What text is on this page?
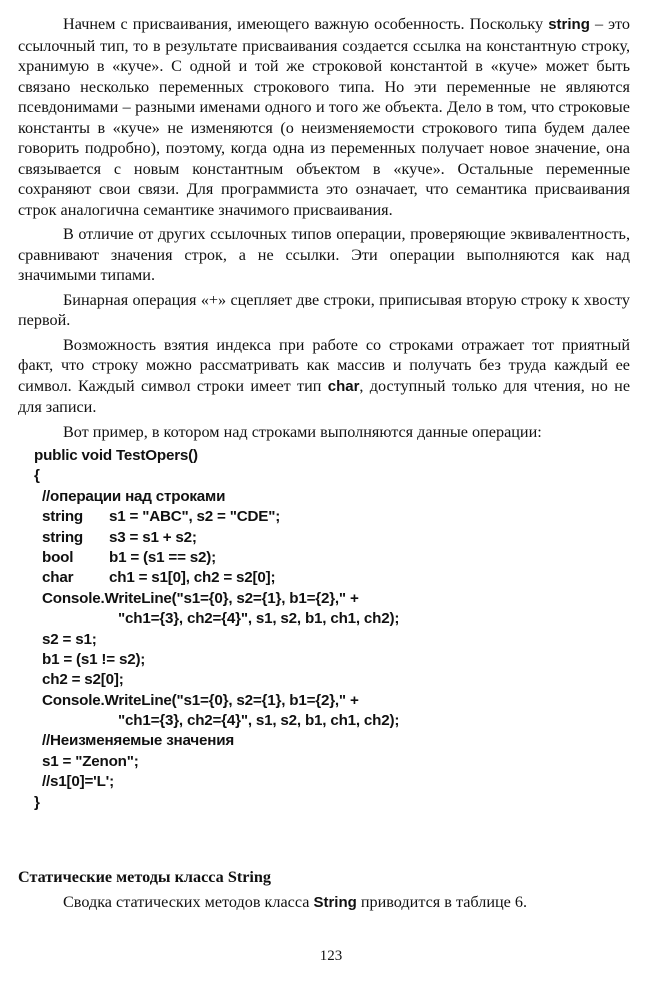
Начнем с присваивания, имеющего важную особенность. Поскольку string – это ссылочный тип, то в результате присваивания создается ссылка на константную строку, хранимую в «куче». С одной и той же строковой константой в «куче» может быть связано несколько переменных строкового типа. Но эти переменные не являются псевдонимами – разными именами одного и того же объекта. Дело в том, что строковые константы в «куче» не изменяются (о неизменяемости строкового типа будем далее говорить подробно), поэтому, когда одна из переменных получает новое значение, она связывается с новым константным объектом в «куче». Остальные переменные сохраняют свои связи. Для программиста это означает, что семантика присваивания строк аналогична семантике значимого присваивания.

В отличие от других ссылочных типов операции, проверяющие эквивалентность, сравнивают значения строк, а не ссылки. Эти операции выполняются как над значимыми типами.

Бинарная операция «+» сцепляет две строки, приписывая вторую строку к хвосту первой.

Возможность взятия индекса при работе со строками отражает тот приятный факт, что строку можно рассматривать как массив и получать без труда каждый ее символ. Каждый символ строки имеет тип char, доступный только для чтения, но не для записи.

Вот пример, в котором над строками выполняются данные операции:

public void TestOpers()
{
//операции над строками
string s1 = "ABC", s2 = "CDE";
string s3 = s1 + s2;
bool b1 = (s1 == s2);
char ch1 = s1[0], ch2 = s2[0];
Console.WriteLine("s1={0}, s2={1}, b1={2}," +
"ch1={3}, ch2={4}", s1, s2, b1, ch1, ch2);
s2 = s1;
b1 = (s1 != s2);
ch2 = s2[0];
Console.WriteLine("s1={0}, s2={1}, b1={2}," +
"ch1={3}, ch2={4}", s1, s2, b1, ch1, ch2);
//Неизменяемые значения
s1 = "Zenon";
//s1[0]='L';
}
Статические методы класса String

Сводка статических методов класса String приводится в таблице 6.

123
